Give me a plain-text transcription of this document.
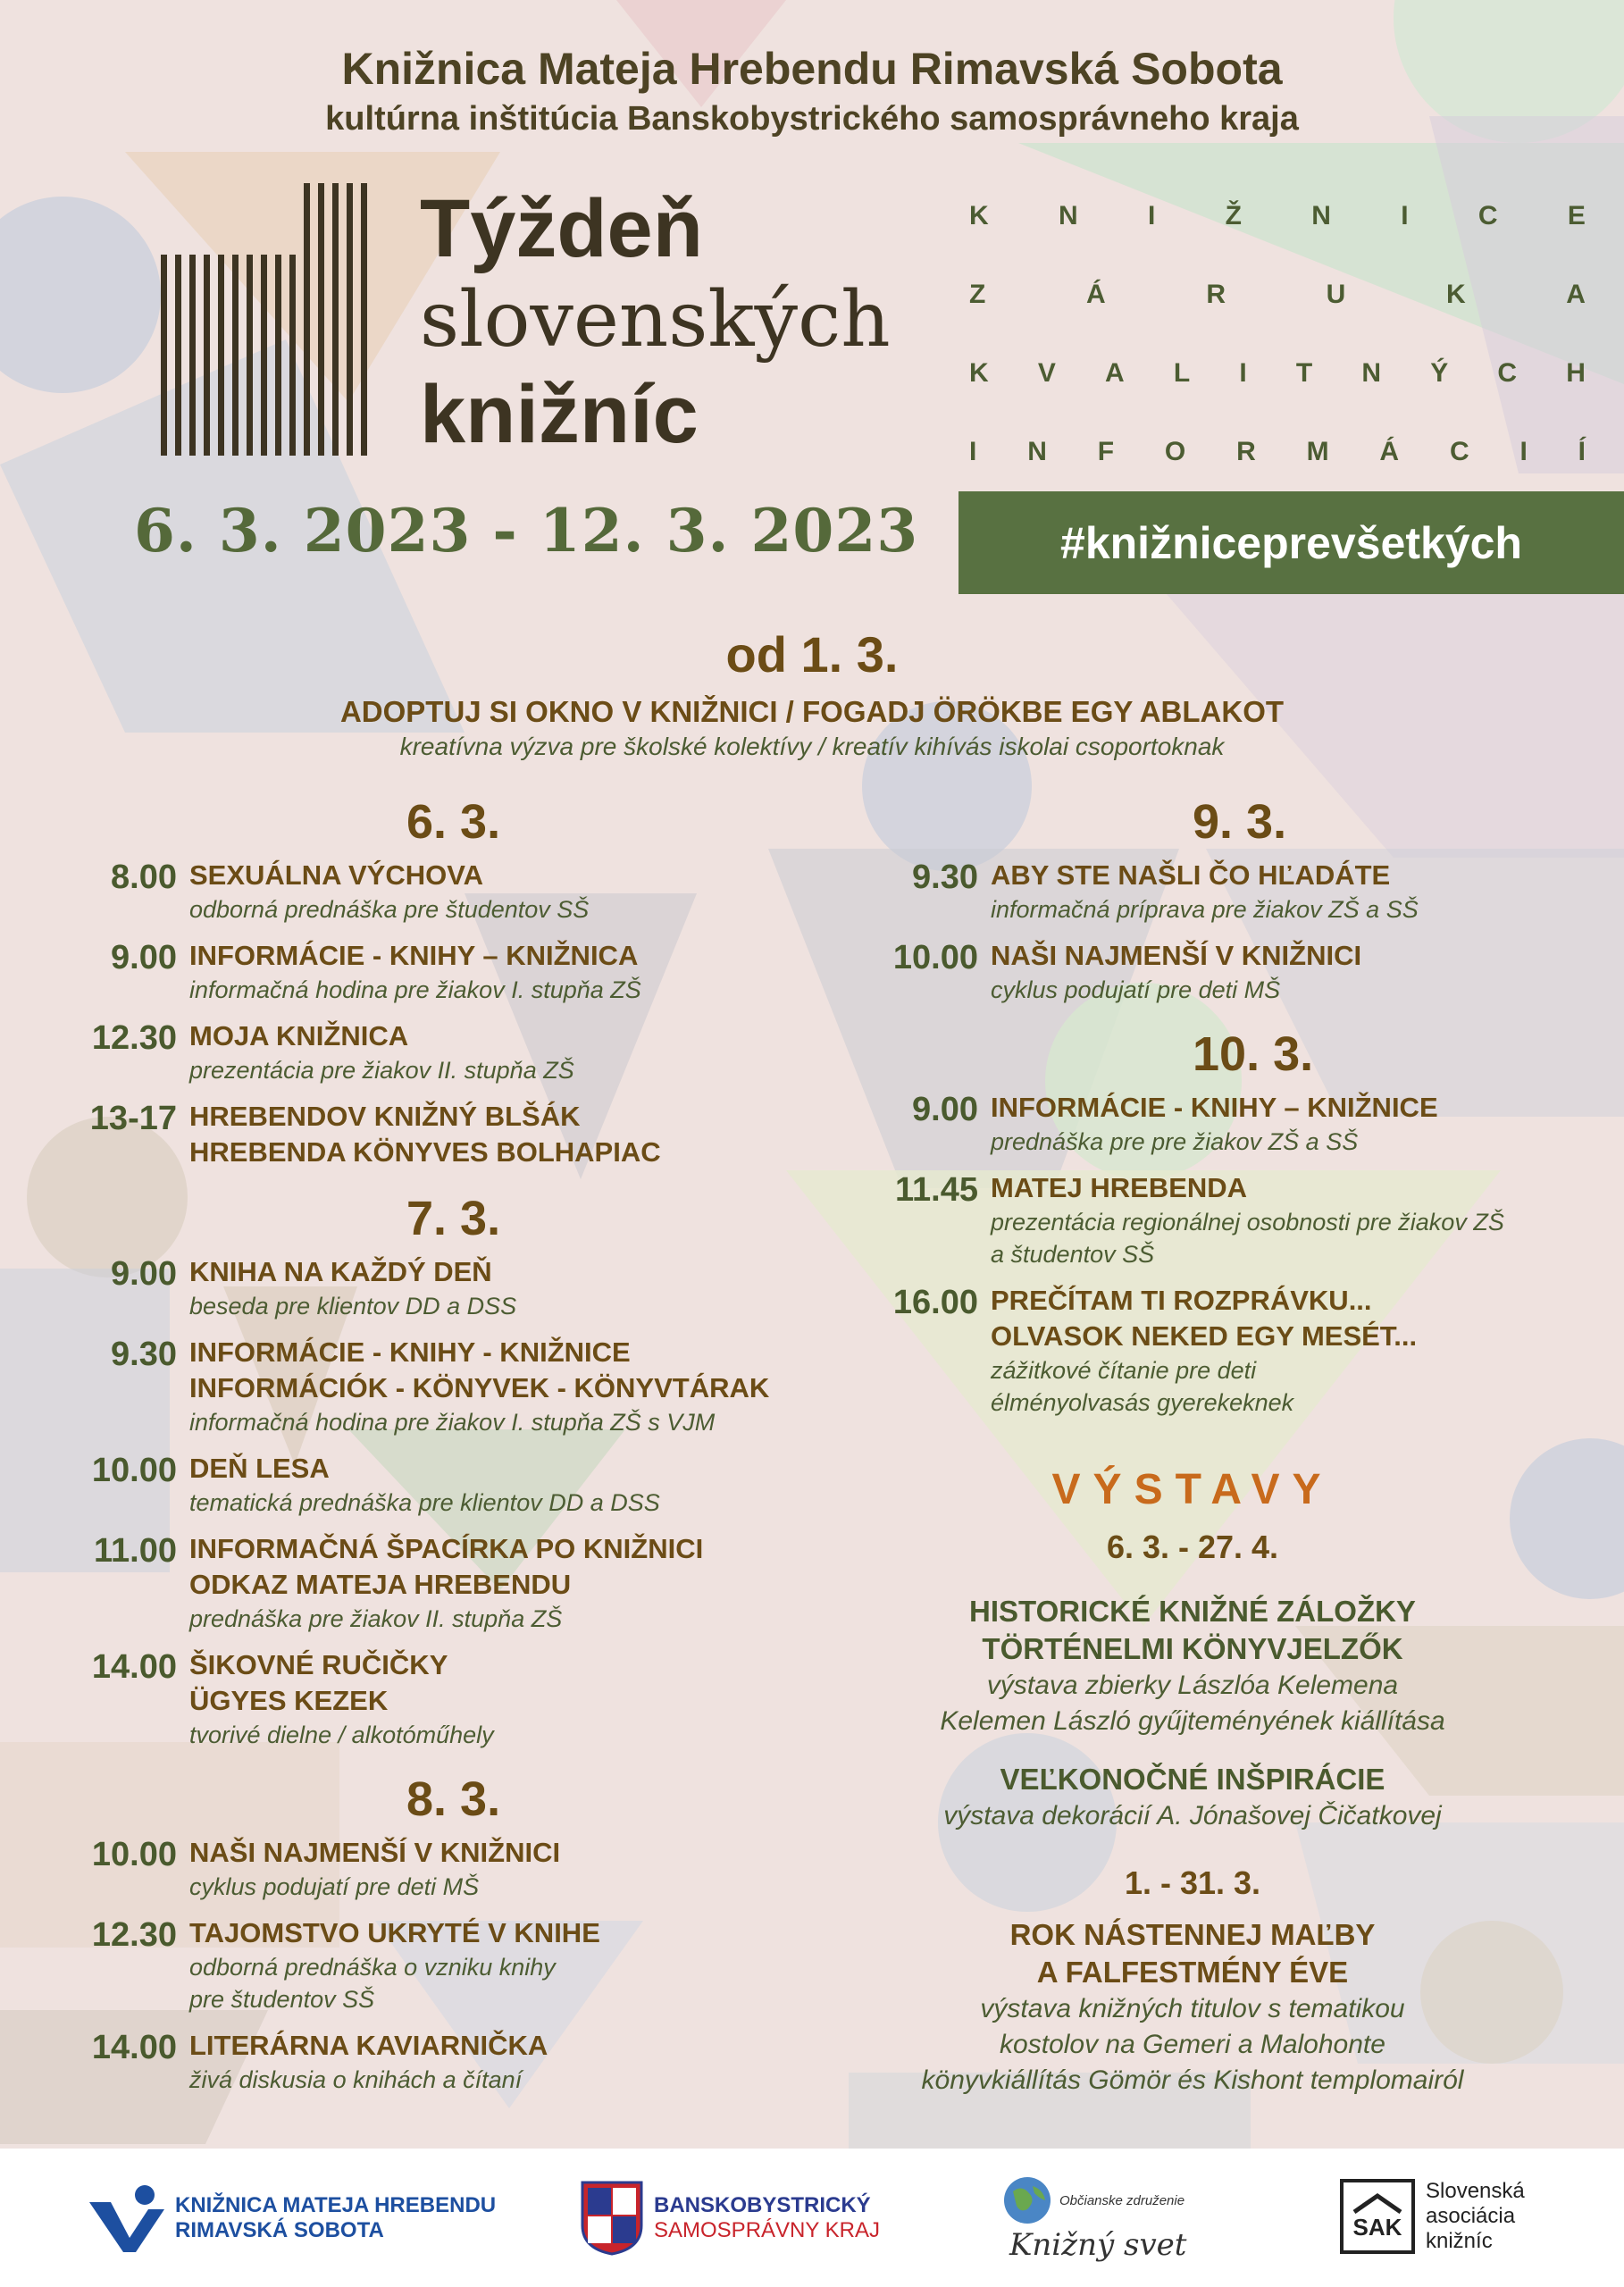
Knižnica Mateja Hrebendu Rimavská Sobota
kultúrna inštitúcia Banskobystrického samosprávneho kraja
Týždeň
slovenských
knižníc
6. 3. 2023 - 12. 3. 2023
K	N	I	Ž	N	I	C	E
Z	Á	R	U	K	A
K V A L I T N Ý C H
I N F O R M Á C I Í
#knižniceprevšetkých
od 1. 3.
ADOPTUJ SI OKNO V KNIŽNICI / FOGADJ ÖRÖKBE EGY ABLAKOT
kreatívna výzva pre školské kolektívy / kreatív kihívás iskolai csoportoknak
6. 3.
8.00 SEXUÁLNA VÝCHOVA
odborná prednáška pre študentov SŠ
9.00 INFORMÁCIE - KNIHY – KNIŽNICA
informačná hodina pre žiakov I. stupňa ZŠ
12.30 MOJA KNIŽNICA
prezentácia pre žiakov II. stupňa ZŠ
13-17 HREBENDOV KNIŽNÝ BLŠÁK
HREBENDA KÖNYVES BOLHAPIAC
7. 3.
9.00 KNIHA NA KAŽDÝ DEŇ
beseda pre klientov DD a DSS
9.30 INFORMÁCIE - KNIHY - KNIŽNICE
INFORMÁCIÓK - KÖNYVEK - KÖNYVTÁRAK
informačná hodina pre žiakov I. stupňa ZŠ s VJM
10.00 DEŇ LESA
tematická prednáška pre klientov DD a DSS
11.00 INFORMAČNÁ ŠPACÍRKA PO KNIŽNICI
ODKAZ MATEJA HREBENDU
prednáška pre žiakov II. stupňa ZŠ
14.00 ŠIKOVNÉ RUČIČKY
ÜGYES KEZEK
tvorivé dielne / alkotóműhely
8. 3.
10.00 NAŠI NAJMENŠÍ V KNIŽNICI
cyklus podujatí pre deti MŠ
12.30 TAJOMSTVO UKRYTÉ V KNIHE
odborná prednáška o vzniku knihy
pre študentov SŠ
14.00 LITERÁRNA KAVIARNIČKA
živá diskusia o knihách a čítaní
9. 3.
9.30 ABY STE NAŠLI ČO HĽADÁTE
informačná príprava pre žiakov ZŠ a SŠ
10.00 NAŠI NAJMENŠÍ V KNIŽNICI
cyklus podujatí pre deti MŠ
10. 3.
9.00 INFORMÁCIE - KNIHY – KNIŽNICE
prednáška pre pre žiakov ZŠ a SŠ
11.45 MATEJ HREBENDA
prezentácia regionálnej osobnosti pre žiakov ZŠ
a študentov SŠ
16.00 PREČÍTAM TI ROZPRÁVKU...
OLVASOK NEKED EGY MESÉT...
zážitkové čítanie pre deti
élményolvasás gyerekeknek
VÝSTAVY
6. 3. - 27. 4.
HISTORICKÉ KNIŽNÉ ZÁLOŽKY
TÖRTÉNELMI KÖNYVJELZŐK
výstava zbierky Lászlóa Kelemena
Kelemen László gyűjteményének kiállítása
VEĽKONOČNÉ INŠPIRÁCIE
výstava dekorácií A. Jónašovej Čičatkovej
1. - 31. 3.
ROK NÁSTENNEJ MAĽBY
A FALFESTMÉNY ÉVE
výstava knižných titulov s tematikou
kostolov na Gemeri a Malohonte
könyvkiállítás Gömör és Kishont templomairól
KNIŽNICA MATEJA HREBENDU
RIMAVSKÁ SOBOTA
BANSKOBYSTRICKÝ
SAMOSPRÁVNY KRAJ
Občianske združenie
Knižný svet	SAK
Slovenská
asociácia
knižníc
